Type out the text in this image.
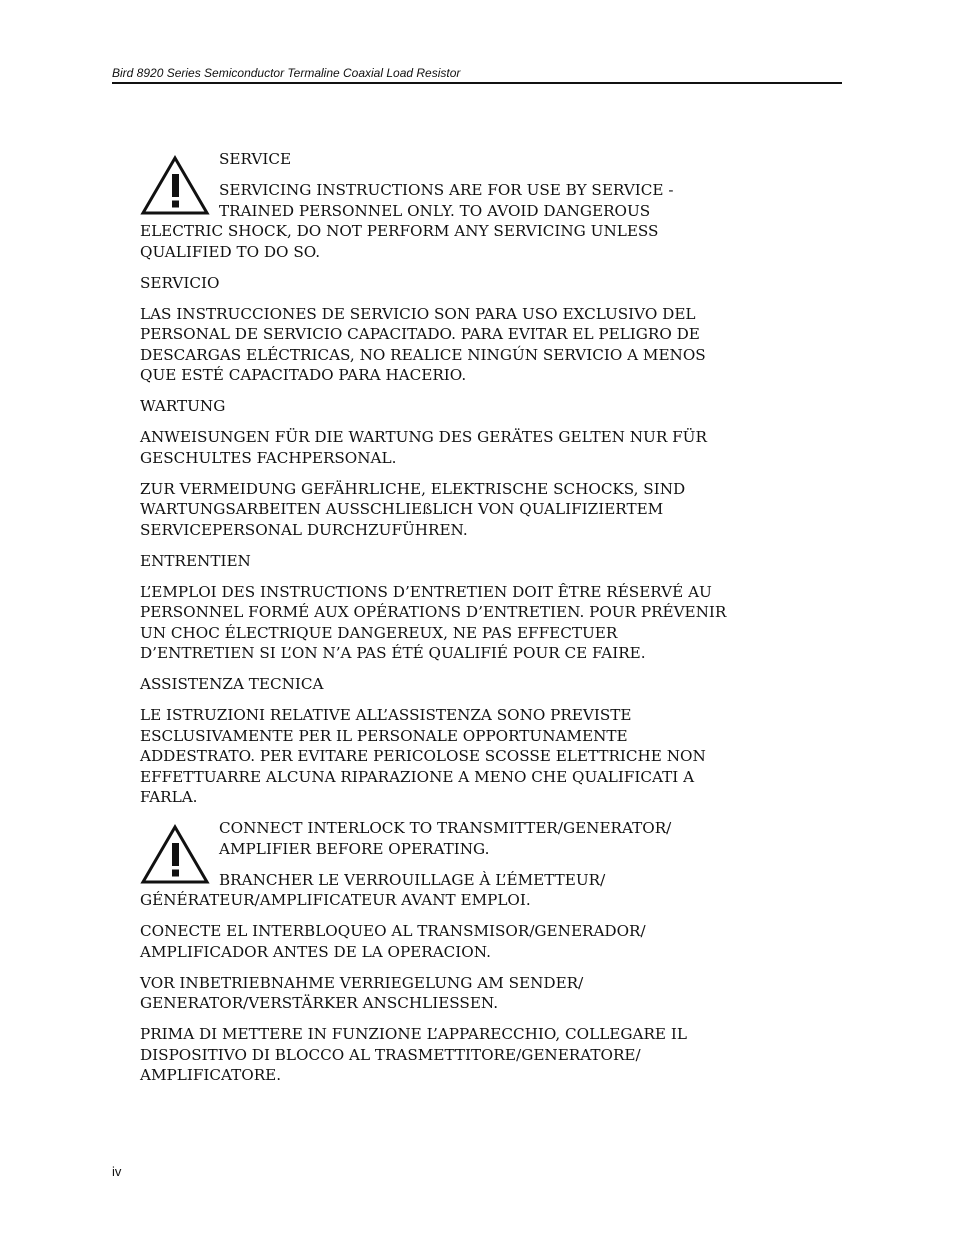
Bird 8920 Series Semiconductor Termaline Coaxial Load Resistor

SERVICE

SERVICING INSTRUCTIONS ARE FOR USE BY SERVICE -
TRAINED PERSONNEL ONLY. TO AVOID DANGEROUS

ELECTRIC SHOCK, DO NOT PERFORM ANY SERVICING UNLESS QUALIFIED TO DO SO.

SERVICIO

LAS INSTRUCCIONES DE SERVICIO SON PARA USO EXCLUSIVO DEL PERSONAL DE SERVICIO CAPACITADO. PARA EVITAR EL PELIGRO DE DESCARGAS ELÉCTRICAS, NO REALICE NINGÚN SERVICIO A MENOS QUE ESTÉ CAPACITADO PARA HACERIO.

WARTUNG

ANWEISUNGEN FÜR DIE WARTUNG DES GERÄTES GELTEN NUR FÜR GESCHULTES FACHPERSONAL.

ZUR VERMEIDUNG GEFÄHRLICHE, ELEKTRISCHE SCHOCKS, SIND WARTUNGSARBEITEN AUSSCHLIEßLICH VON QUALIFIZIERTEM SERVICEPERSONAL DURCHZUFÜHREN.

ENTRENTIEN

L’EMPLOI DES INSTRUCTIONS D’ENTRETIEN DOIT ÊTRE RÉSERVÉ AU PERSONNEL FORMÉ AUX OPÉRATIONS D’ENTRETIEN. POUR PRÉVENIR UN CHOC ÉLECTRIQUE DANGEREUX, NE PAS EFFECTUER D’ENTRETIEN SI L’ON N’A PAS ÉTÉ QUALIFIÉ POUR CE FAIRE.

ASSISTENZA TECNICA

LE ISTRUZIONI RELATIVE ALL’ASSISTENZA SONO PREVISTE ESCLUSIVAMENTE PER IL PERSONALE OPPORTUNAMENTE ADDESTRATO. PER EVITARE PERICOLOSE SCOSSE ELETTRICHE NON EFFETTUARRE ALCUNA RIPARAZIONE A MENO CHE QUALIFICATI A FARLA.

CONNECT INTERLOCK TO TRANSMITTER/GENERATOR/

AMPLIFIER BEFORE OPERATING.

BRANCHER LE VERROUILLAGE À L’ÉMETTEUR/

GÉNÉRATEUR/AMPLIFICATEUR AVANT EMPLOI.

CONECTE EL INTERBLOQUEO AL TRANSMISOR/GENERADOR/ AMPLIFICADOR ANTES DE LA OPERACION.

VOR INBETRIEBNAHME VERRIEGELUNG AM SENDER/ GENERATOR/VERSTÄRKER ANSCHLIESSEN.

PRIMA DI METTERE IN FUNZIONE L’APPARECCHIO, COLLEGARE IL DISPOSITIVO DI BLOCCO AL TRASMETTITORE/GENERATORE/ AMPLIFICATORE.

iv
